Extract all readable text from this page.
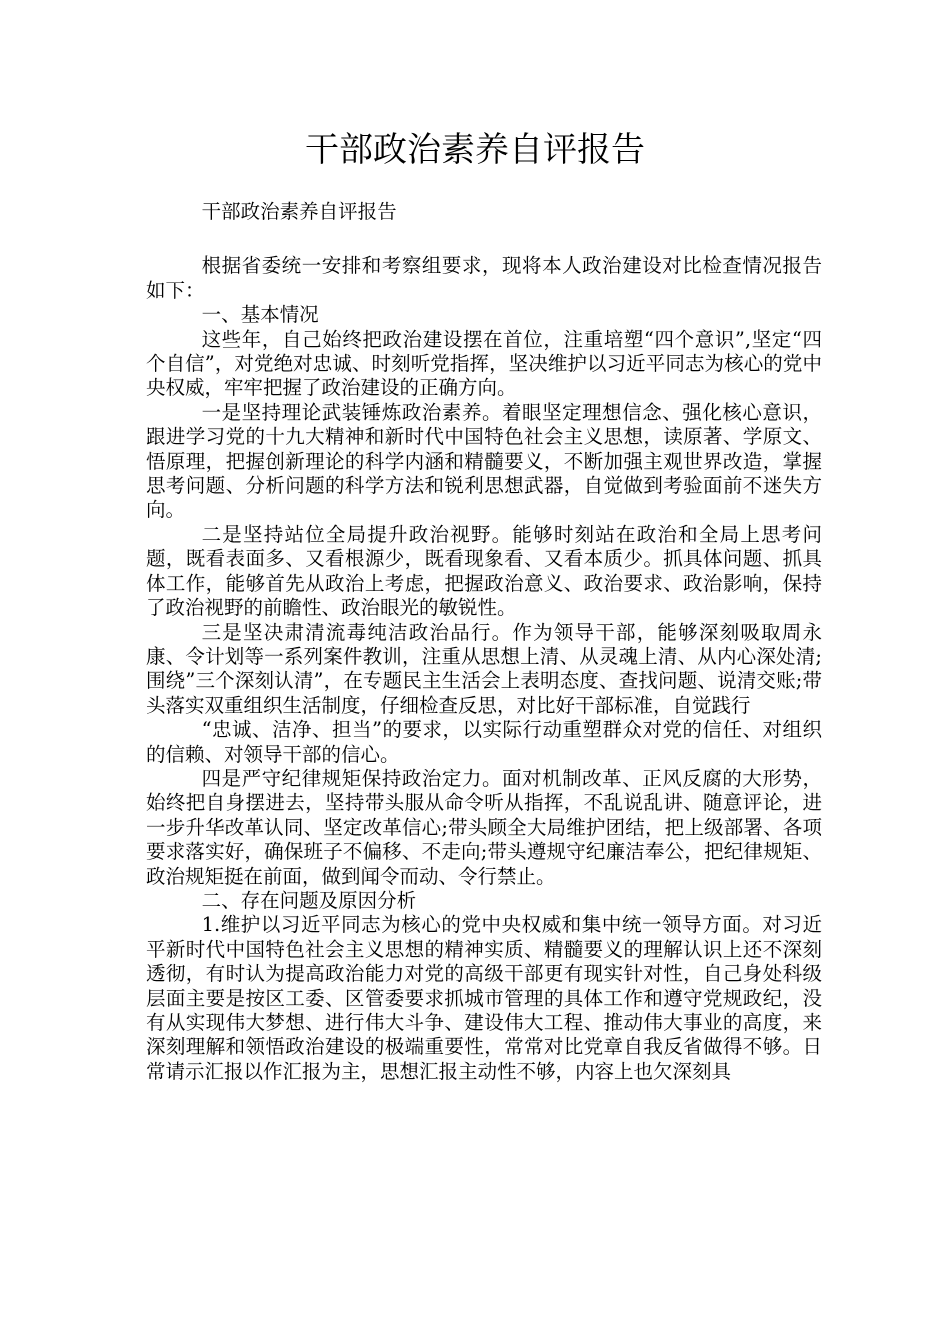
干部政治素养自评报告

干部政治素养自评报告

根据省委统一安排和考察组要求，现将本人政治建设对比检查情况报告如下：

一、基本情况

这些年，自己始终把政治建设摆在首位，注重培塑“四个意识”,坚定“四个自信”，对党绝对忠诚、时刻听党指挥，坚决维护以习近平同志为核心的党中央权威，牢牢把握了政治建设的正确方向。

一是坚持理论武装锤炼政治素养。着眼坚定理想信念、强化核心意识，跟进学习党的十九大精神和新时代中国特色社会主义思想，读原著、学原文、悟原理，把握创新理论的科学内涵和精髓要义，不断加强主观世界改造，掌握思考问题、分析问题的科学方法和锐利思想武器，自觉做到考验面前不迷失方向。

二是坚持站位全局提升政治视野。能够时刻站在政治和全局上思考问题，既看表面多、又看根源少，既看现象看、又看本质少。抓具体问题、抓具体工作，能够首先从政治上考虑，把握政治意义、政治要求、政治影响，保持了政治视野的前瞻性、政治眼光的敏锐性。

三是坚决肃清流毒纯洁政治品行。作为领导干部，能够深刻吸取周永康、令计划等一系列案件教训，注重从思想上清、从灵魂上清、从内心深处清;围绕”三个深刻认清”，在专题民主生活会上表明态度、查找问题、说清交账;带头落实双重组织生活制度，仔细检查反思，对比好干部标准，自觉践行

“忠诚、洁净、担当”的要求，以实际行动重塑群众对党的信任、对组织的信赖、对领导干部的信心。

四是严守纪律规矩保持政治定力。面对机制改革、正风反腐的大形势，始终把自身摆进去，坚持带头服从命令听从指挥，不乱说乱讲、随意评论，进一步升华改革认同、坚定改革信心;带头顾全大局维护团结，把上级部署、各项要求落实好，确保班子不偏移、不走向;带头遵规守纪廉洁奉公，把纪律规矩、政治规矩挺在前面，做到闻令而动、令行禁止。

二、存在问题及原因分析

1.维护以习近平同志为核心的党中央权威和集中统一领导方面。对习近平新时代中国特色社会主义思想的精神实质、精髓要义的理解认识上还不深刻透彻，有时认为提高政治能力对党的高级干部更有现实针对性，自己身处科级层面主要是按区工委、区管委要求抓城市管理的具体工作和遵守党规政纪，没有从实现伟大梦想、进行伟大斗争、建设伟大工程、推动伟大事业的高度，来深刻理解和领悟政治建设的极端重要性，常常对比党章自我反省做得不够。日常请示汇报以作汇报为主，思想汇报主动性不够，内容上也欠深刻具
